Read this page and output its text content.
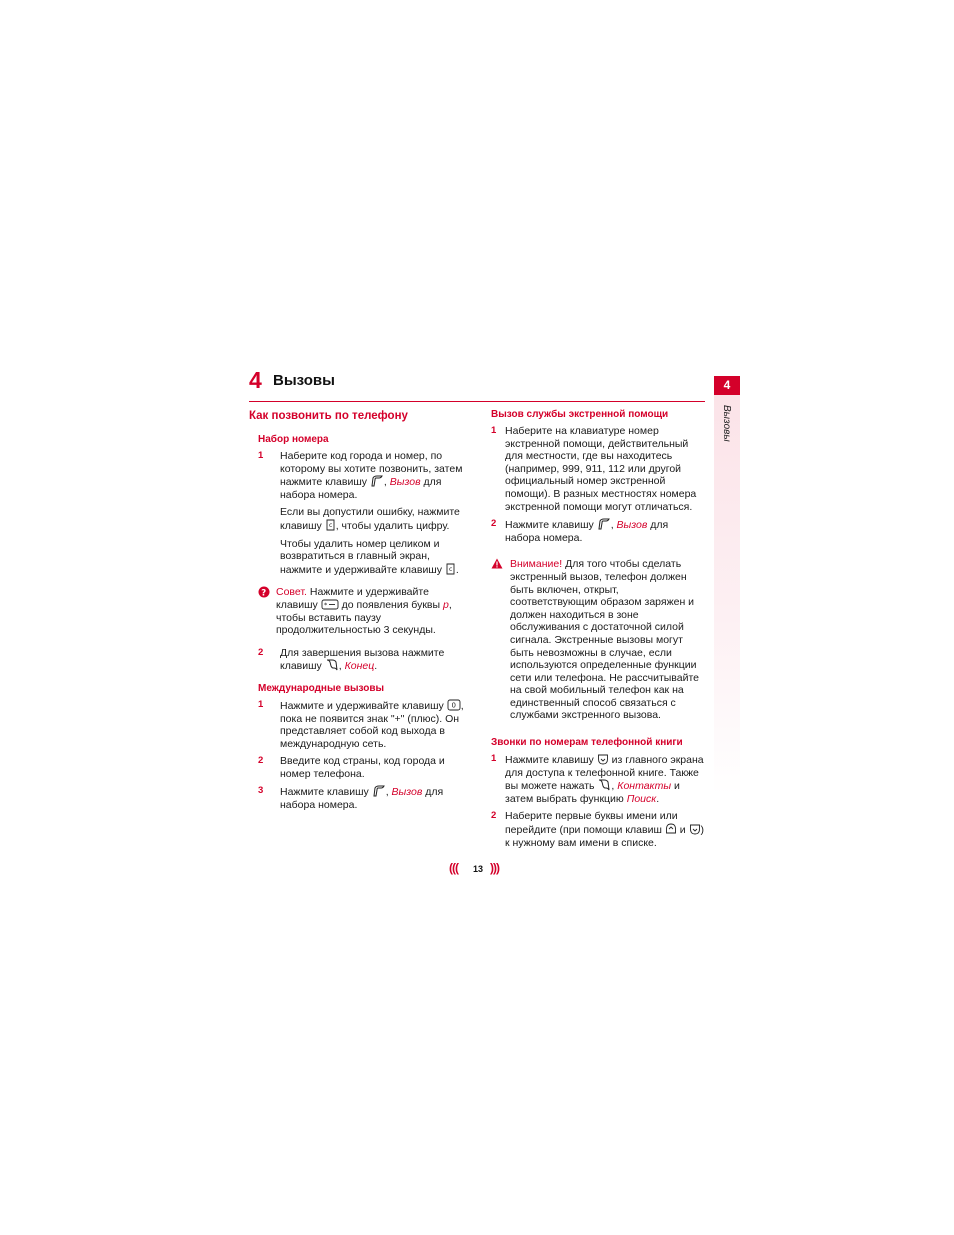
4 Вызовы	4
Вызовы
Как позвонить по телефону
Набор номера
1 Наберите код города и номер, по которому вы хотите позвонить, затем нажмите клавишу , Вызов для набора номера.
Если вы допустили ошибку, нажмите клавишу c , чтобы удалить цифру.
Чтобы удалить номер целиком и возвратиться в главный экран, нажмите и удерживайте клавишу c .
? Совет. Нажмите и удерживайте клавишу * до появления буквы p, чтобы вставить паузу продолжительностью 3 секунды.
2 Для завершения вызова нажмите клавишу , Конец.
Международные вызовы
1 Нажмите и удерживайте клавишу 0 , пока не появится знак "+" (плюс). Он представляет собой код выхода в международную сеть.
2 Введите код страны, код города и номер телефона.
3 Нажмите клавишу , Вызов для набора номера.
Вызов службы экстренной помощи
1 Наберите на клавиатуре номер экстренной помощи, действительный для местности, где вы находитесь (например, 999, 911, 112 или другой официальный номер экстренной помощи). В разных местностях номера экстренной помощи могут отличаться.
2 Нажмите клавишу , Вызов для набора номера.
Внимание! Для того чтобы сделать экстренный вызов, телефон должен быть включен, открыт, соответствующим образом заряжен и должен находиться в зоне обслуживания с достаточной силой сигнала. Экстренные вызовы могут быть невозможны в случае, если используются определенные функции сети или телефона. Не рассчитывайте на свой мобильный телефон как на единственный способ связаться с службами экстренного вызова.
Звонки по номерам телефонной книги
1 Нажмите клавишу из главного экрана для доступа к телефонной книге. Также вы можете нажать , Контакты и затем выбрать функцию Поиск.
2 Наберите первые буквы имени или перейдите (при помощи клавиш и ) к нужному вам имени в списке.
((( 13 )))
